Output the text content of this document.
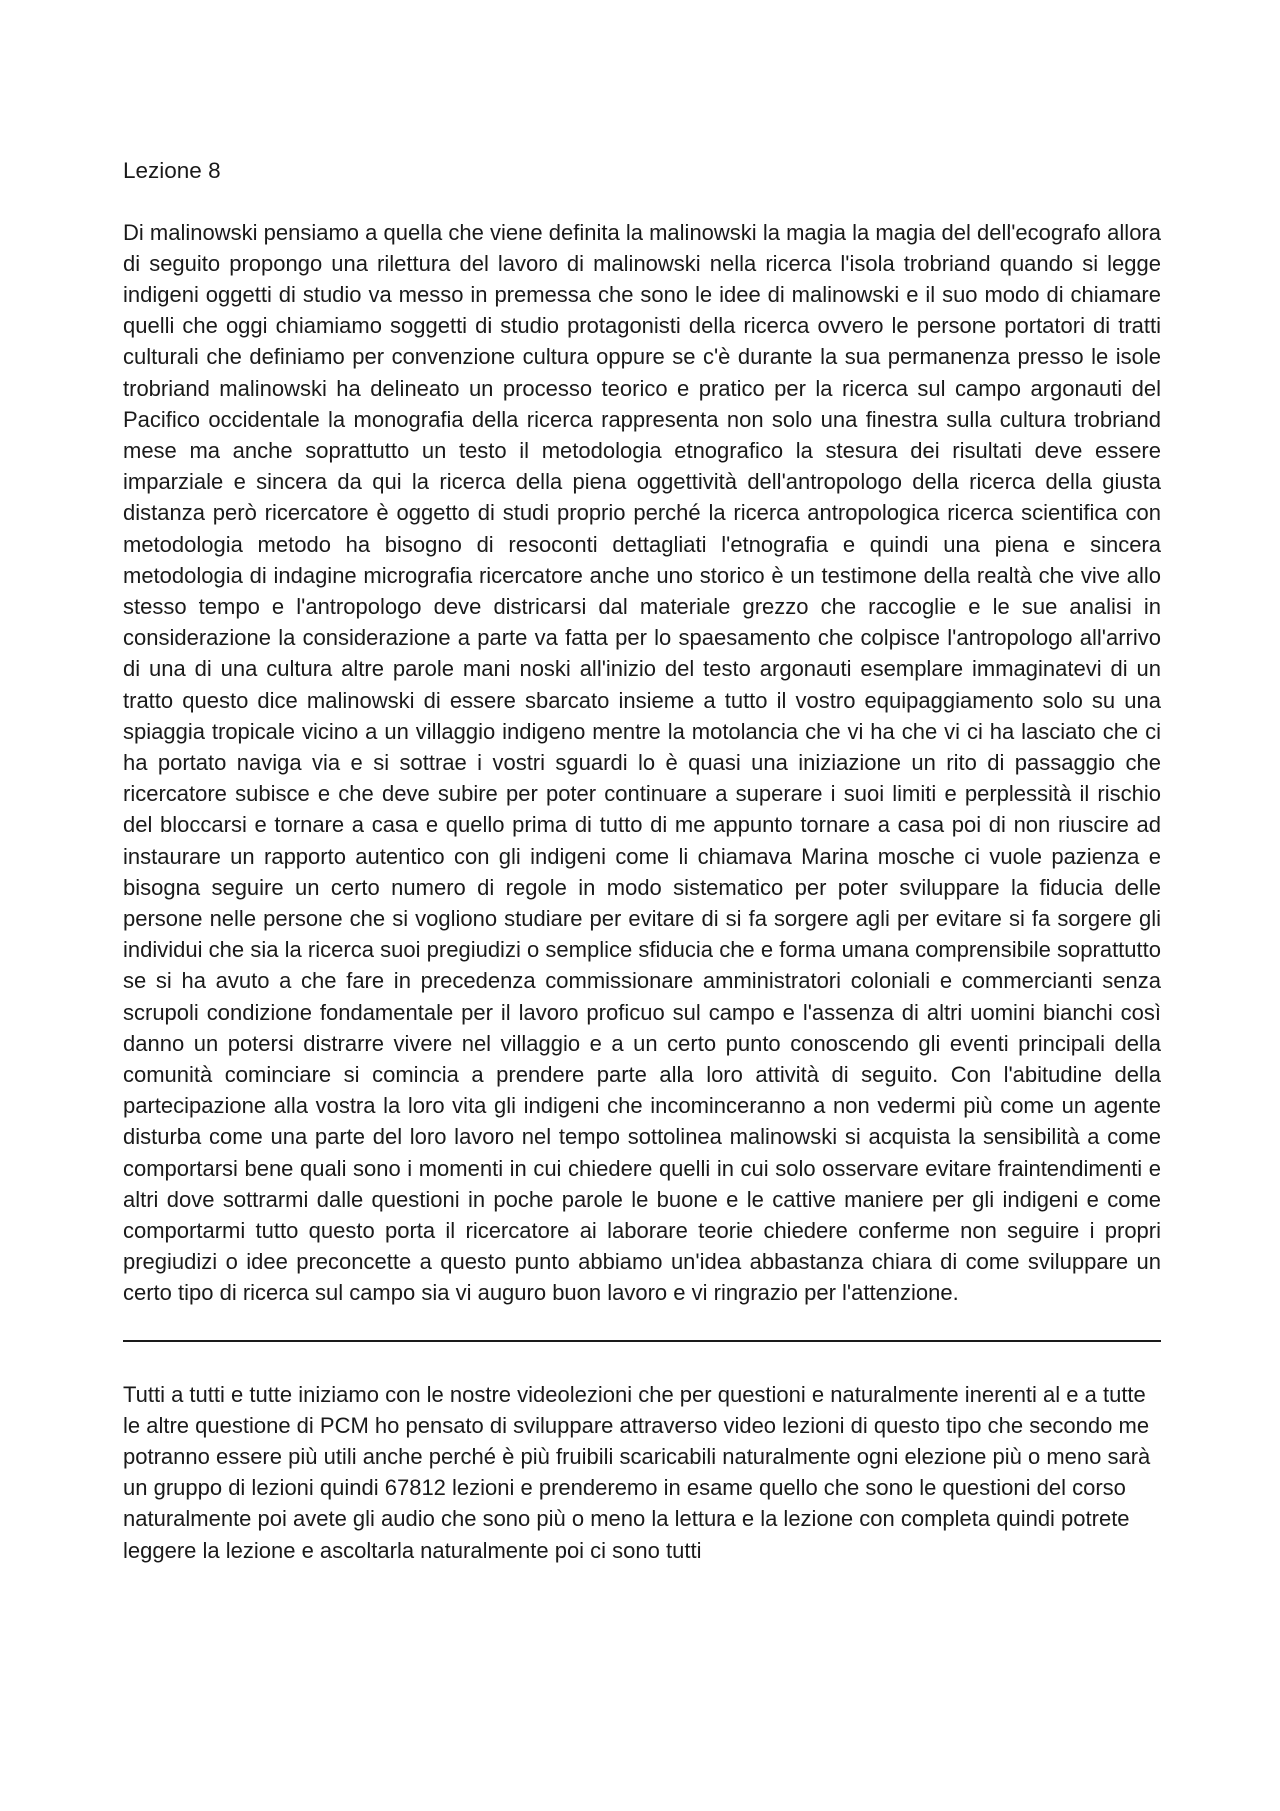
Lezione 8

Di malinowski pensiamo a quella che viene definita la malinowski la magia la magia del dell'ecografo allora di seguito propongo una rilettura del lavoro di malinowski nella ricerca l'isola trobriand quando si legge indigeni oggetti di studio va messo in premessa che sono le idee di malinowski e il suo modo di chiamare quelli che oggi chiamiamo soggetti di studio protagonisti della ricerca ovvero le persone portatori di tratti culturali che definiamo per convenzione cultura oppure se c'è durante la sua permanenza presso le isole trobriand malinowski ha delineato un processo teorico e pratico per la ricerca sul campo argonauti del Pacifico occidentale la monografia della ricerca rappresenta non solo una finestra sulla cultura trobriand mese ma anche soprattutto un testo il metodologia etnografico la stesura dei risultati deve essere imparziale e sincera da qui la ricerca della piena oggettività dell'antropologo della ricerca della giusta distanza però ricercatore è oggetto di studi proprio perché la ricerca antropologica ricerca scientifica con metodologia metodo ha bisogno di resoconti dettagliati l'etnografia e quindi una piena e sincera metodologia di indagine micrografia ricercatore anche uno storico è un testimone della realtà che vive allo stesso tempo e l'antropologo deve districarsi dal materiale grezzo che raccoglie e le sue analisi in considerazione la considerazione a parte va fatta per lo spaesamento che colpisce l'antropologo all'arrivo di una di una cultura altre parole mani noski all'inizio del testo argonauti esemplare immaginatevi di un tratto questo dice malinowski di essere sbarcato insieme a tutto il vostro equipaggiamento solo su una spiaggia tropicale vicino a un villaggio indigeno mentre la motolancia che vi ha che vi ci ha lasciato che ci ha portato naviga via e si sottrae i vostri sguardi lo è quasi una iniziazione un rito di passaggio che ricercatore subisce e che deve subire per poter continuare a superare i suoi limiti e perplessità il rischio del bloccarsi e tornare a casa e quello prima di tutto di me appunto tornare a casa poi di non riuscire ad instaurare un rapporto autentico con gli indigeni come li chiamava Marina mosche ci vuole pazienza e bisogna seguire un certo numero di regole in modo sistematico per poter sviluppare la fiducia delle persone nelle persone che si vogliono studiare per evitare di si fa sorgere agli per evitare si fa sorgere gli individui che sia la ricerca suoi pregiudizi o semplice sfiducia che e forma umana comprensibile soprattutto se si ha avuto a che fare in precedenza commissionare amministratori coloniali e commercianti senza scrupoli condizione fondamentale per il lavoro proficuo sul campo e l'assenza di altri uomini bianchi così danno un potersi distrarre vivere nel villaggio e a un certo punto conoscendo gli eventi principali della comunità cominciare si comincia a prendere parte alla loro attività di seguito. Con l'abitudine della partecipazione alla vostra la loro vita gli indigeni che incominceranno a non vedermi più come un agente disturba come una parte del loro lavoro nel tempo sottolinea malinowski si acquista la sensibilità a come comportarsi bene quali sono i momenti in cui chiedere quelli in cui solo osservare evitare fraintendimenti e altri dove sottrarmi dalle questioni in poche parole le buone e le cattive maniere per gli indigeni e come comportarmi tutto questo porta il ricercatore ai laborare teorie chiedere conferme non seguire i propri pregiudizi o idee preconcette a questo punto abbiamo un'idea abbastanza chiara di come sviluppare un certo tipo di ricerca sul campo sia vi auguro buon lavoro e vi ringrazio per l'attenzione.

Tutti a tutti e tutte iniziamo con le nostre videolezioni che per questioni e naturalmente inerenti al e a tutte le altre questione di PCM ho pensato di sviluppare attraverso video lezioni di questo tipo che secondo me potranno essere più utili anche perché è più fruibili scaricabili naturalmente ogni elezione più o meno sarà un gruppo di lezioni quindi 67812 lezioni e prenderemo in esame quello che sono le questioni del corso naturalmente poi avete gli audio che sono più o meno la lettura e la lezione con completa quindi potrete leggere la lezione e ascoltarla naturalmente poi ci sono tutti
